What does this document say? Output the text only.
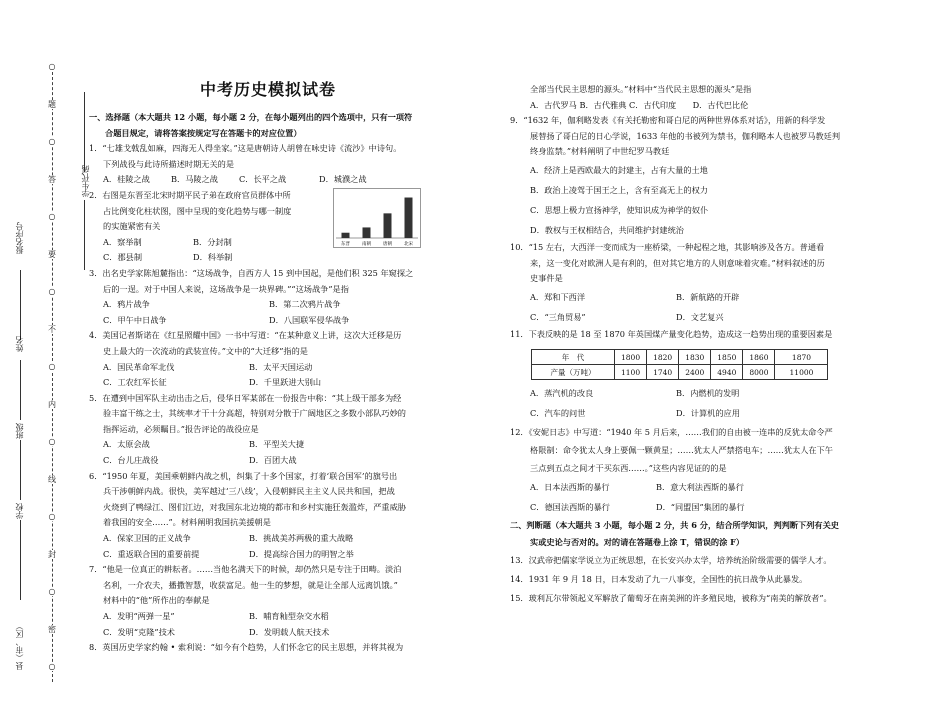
○
题
○
答
○
要
○
不
○
内
○
线
○
封
○
密
○
学生代码
报名序号
姓名
班级
学校
县（市、区）
中考历史模拟试卷

一、选择题（本大题共 12 小题，每小题 2 分，在每小题列出的四个选项中，只有一项符

合题目规定，请将答案按规定写在答题卡的对应位置）

1．“七雄戈戟乱如麻，四海无人得坐家。”这是唐朝诗人胡曾在咏史诗《流沙》中诗句。

下列战役与此诗所描述时期无关的是

A．桂陵之战	B．马陵之战	C．长平之战	D．城濮之战

2．右图是东晋至北宋时期平民子弟在政府官员群体中所

占比例变化柱状图，图中呈现的变化趋势与哪一制度

的实施紧密有关

A．察举制	B．分封制

C．郡县制	D．科举制

3．出名史学家陈旭麓指出：“这场战争，自西方人 15 到中国起，是他们积 325 年窥探之

后的一逞。对于中国人来说，这场战争是一块界碑。”“这场战争”是指

A．鸦片战争	B．第二次鸦片战争

C．甲午中日战争	D．八国联军侵华战争

4．美国记者斯诺在《红星照耀中国》一书中写道：“在某种意义上讲，这次大迁移是历

史上最大的一次流动的武装宣传。”文中的“大迁移”指的是

A．国民革命军北伐	B．太平天国运动

C．工农红军长征	D．千里跃进大别山

5．在遭到中国军队主动出击之后，侵华日军某部在一份报告中称：“其上级干部多为经

验丰富干练之士，其统率才干十分高超，特别对分散于广阔地区之多数小部队巧妙的

指挥运动，必须瞩目。”报告评论的战役应是

A．太原会战	B．平型关大捷

C．台儿庄战役	D．百团大战

6．“1950 年夏，美国乘朝鲜内战之机，纠集了十多个国家，打着‘联合国军’的旗号出

兵干涉朝鲜内战。很快，美军越过‘三八线’，入侵朝鲜民主主义人民共和国，把战

火烧到了鸭绿江、图们江边，对我国东北边境的都市和乡村实施狂轰滥炸，严重威胁

着我国的安全……”。材料阐明我国抗美援朝是

A．保家卫国的正义战争	B．挑战美苏两极的重大战略

C．重返联合国的重要前提	D．提高综合国力的明智之举

7．“他是一位真正的耕耘者。……当他名满天下的时候，却仍然只是专注于田畴。淡泊

名利，一介农夫，播撒智慧，收获富足。他一生的梦想，就是让全部人远离饥饿。”

材料中的“他”所作出的奉献是

A．发明“两弹一星”	B．哺育籼型杂交水稻

C．发明“克隆”技术	D．发明载人航天技术

8．英国历史学家约翰 • 索利说：“如今有个趋势，人们怀念它的民主思想，并将其视为

东晋	南朝	唐朝	北宋

全部当代民主思想的源头。”材料中“当代民主思想的源头”是指

A．古代罗马 B．古代雅典 C．古代印度　　D．古代巴比伦

9．“1632 年，伽利略发表《有关托勒密和哥白尼的两种世界体系对话》，用新的科学发

展替扬了哥白尼的日心学说，1633 年他的书被列为禁书，伽利略本人也被罗马教廷判

终身监禁。”材料阐明了中世纪罗马教廷

A．经济上是西欧最大的封建主，占有大量的土地

B．政治上凌驾于国王之上，含有至高无上的权力

C．思想上极力宣扬神学，使知识成为神学的奴仆

D．教权与王权相结合，共同维护封建统治

10．“15 左右，大西洋一变而成为一座桥梁，一种起程之地，其影响涉及各方。普通看

来，这一变化对欧洲人是有利的，但对其它地方的人则意味着灾难。”材料叙述的历

史事件是

A．郑和下西洋	B．新航路的开辟

C．“三角贸易”	D．文艺复兴

11．下表反映的是 18 至 1870 年英国煤产量变化趋势，造成这一趋势出现的重要因素是

年　代	1800	1820	1830	1850	1860	1870
产量（万吨）	1100	1740	2400	4940	8000	11000

A．蒸汽机的改良	B．内燃机的发明

C．汽车的问世	D．计算机的应用

12．《安妮日志》中写道：“1940 年 5 月后来，……我们的自由被一连串的反犹太命令严

格限制：命令犹太人身上要佩一颗黄星；……犹太人严禁搭电车；……犹太人在下午

三点到五点之间才干买东西……。”这些内容见证的的是

A．日本法西斯的暴行	B．意大利法西斯的暴行

C．德国法西斯的暴行	D．“同盟国”集团的暴行

二、判断题（本大题共 3 小题，每小题 2 分，共 6 分，结合所学知识，判判断下列有关史

实或史论与否对的。对的请在答题卷上涂 T，错误的涂 F）

13．汉武帝把儒家学说立为正统思想，在长安兴办太学，培养统治阶级需要的儒学人才。

14．1931 年 9 月 18 日，日本发动了九一八事变，全国性的抗日战争从此暴发。

15．玻利瓦尔带领起义军解放了葡萄牙在南美洲的许多殖民地，被称为“南美的解放者”。
